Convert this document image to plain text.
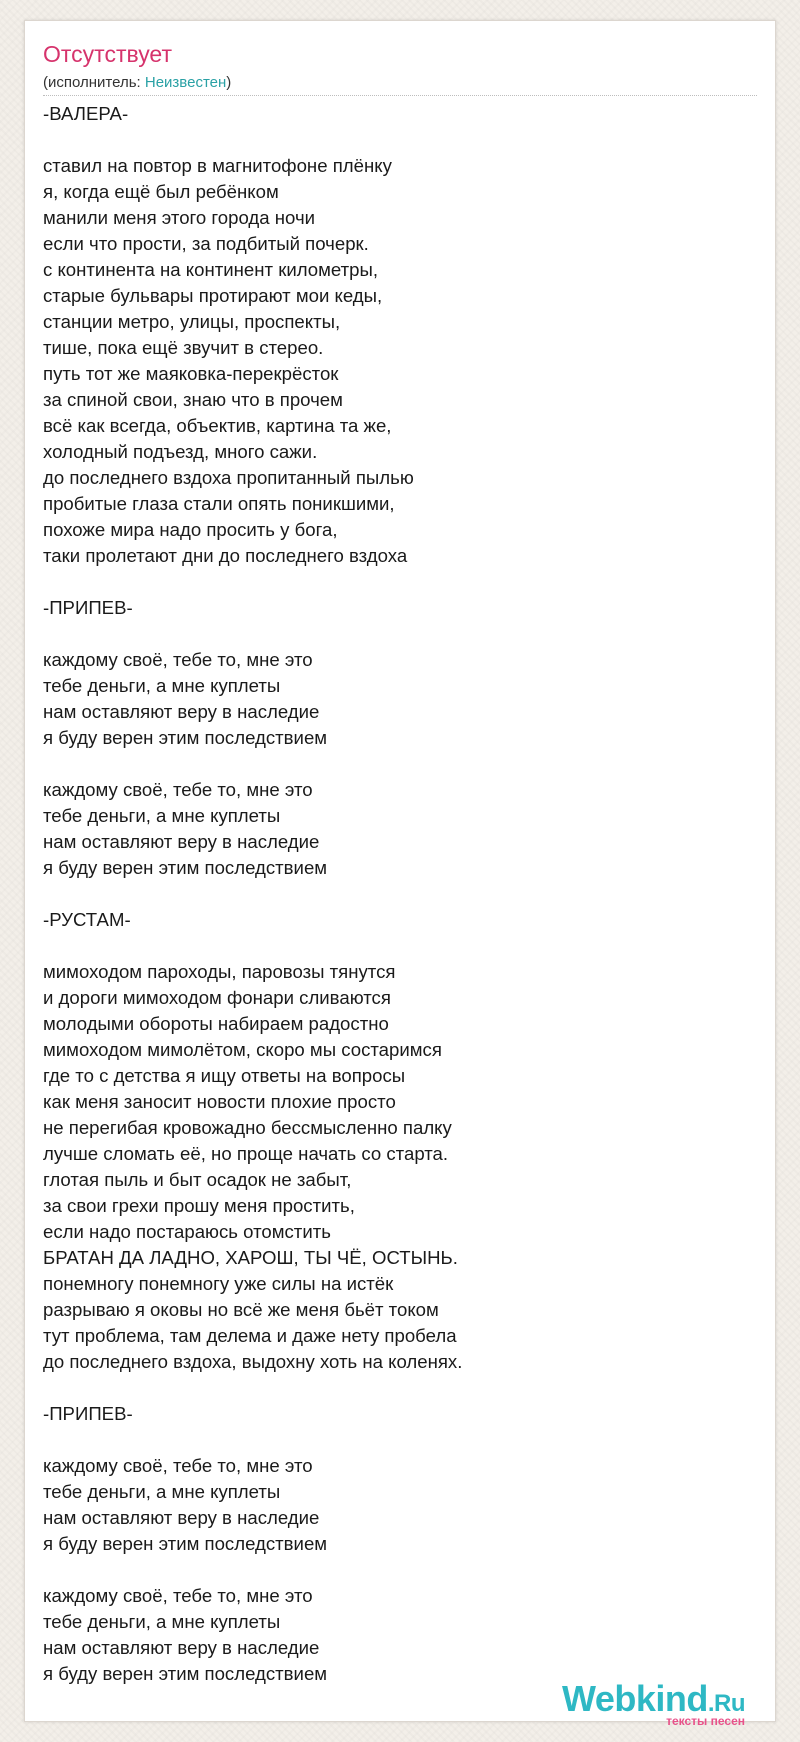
Отсутствует
(исполнитель: Неизвестен)
-ВАЛЕРА-
ставил на повтор в магнитофоне плёнку
я, когда ещё был ребёнком
манили меня этого города ночи
если что прости, за подбитый почерк.
с континента на континент километры,
старые бульвары протирают мои кеды,
станции метро, улицы, проспекты,
тише, пока ещё звучит в стерео.
путь тот же маяковка-перекрёсток
за спиной свои, знаю что в прочем
всё как всегда, объектив, картина та же,
холодный подъезд, много сажи.
до последнего вздоха пропитанный пылью
пробитые глаза стали опять поникшими,
похоже мира надо просить у бога,
таки пролетают дни до последнего вздоха
-ПРИПЕВ-
каждому своё, тебе то, мне это
тебе деньги, а мне куплеты
нам оставляют веру в наследие
я буду верен этим последствием
каждому своё, тебе то, мне это
тебе деньги, а мне куплеты
нам оставляют веру в наследие
я буду верен этим последствием
-РУСТАМ-
мимоходом пароходы, паровозы тянутся
и дороги мимоходом фонари сливаются
молодыми обороты набираем радостно
мимоходом мимолётом, скоро мы состаримся
где то с детства я ищу ответы на вопросы
как меня заносит новости плохие просто
не перегибая кровожадно бессмысленно палку
лучше сломать её, но проще начать со старта.
глотая пыль и быт осадок не забыт,
за свои грехи прошу меня простить,
если надо постараюсь отомстить
БРАТАН ДА ЛАДНО, ХАРОШ, ТЫ ЧЁ, ОСТЫНЬ.
понемногу понемногу уже силы на истёк
разрываю я оковы но всё же меня бьёт током
тут проблема, там делема и даже нету пробела
до последнего вздоха, выдохну хоть на коленях.
-ПРИПЕВ-
каждому своё, тебе то, мне это
тебе деньги, а мне куплеты
нам оставляют веру в наследие
я буду верен этим последствием
каждому своё, тебе то, мне это
тебе деньги, а мне куплеты
нам оставляют веру в наследие
я буду верен этим последствием
Webkind.Ru
тексты песен
